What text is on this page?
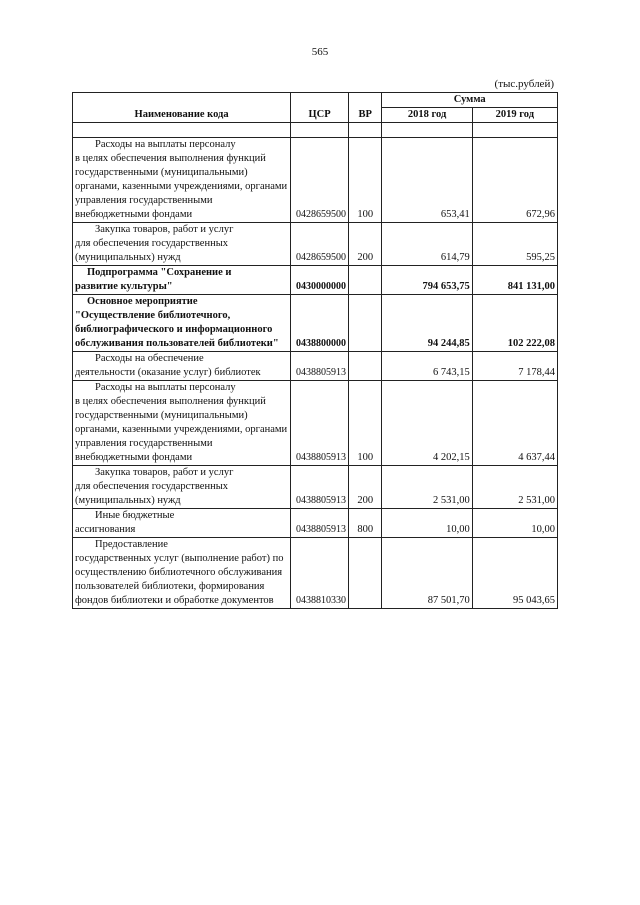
565
(тыс.рублей)
Наименование кода	ЦСР	ВР	Сумма	
			2018 год	2019 год

Расходы на выплаты персоналу
в целях обеспечения выполнения функций государственными (муниципальными) органами, казенными учреждениями, органами управления государственными внебюджетными фондами	0428659500	100	653,41	672,96

Закупка товаров, работ и услуг
для обеспечения государственных (муниципальных) нужд	0428659500	200	614,79	595,25

Подпрограмма "Сохранение и
развитие культуры"	0430000000		794 653,75	841 131,00

Основное мероприятие
"Осуществление библиотечного, библиографического и информационного обслуживания пользователей библиотеки"	0438800000		94 244,85	102 222,08

Расходы на обеспечение
деятельности (оказание услуг) библиотек	0438805913		6 743,15	7 178,44

Расходы на выплаты персоналу
в целях обеспечения выполнения функций государственными (муниципальными) органами, казенными учреждениями, органами управления государственными внебюджетными фондами	0438805913	100	4 202,15	4 637,44

Закупка товаров, работ и услуг
для обеспечения государственных (муниципальных) нужд	0438805913	200	2 531,00	2 531,00

Иные бюджетные
ассигнования	0438805913	800	10,00	10,00

Предоставление
государственных услуг (выполнение работ) по осуществлению библиотечного обслуживания пользователей библиотеки, формирования фондов библиотеки и обработке документов	0438810330		87 501,70	95 043,65
